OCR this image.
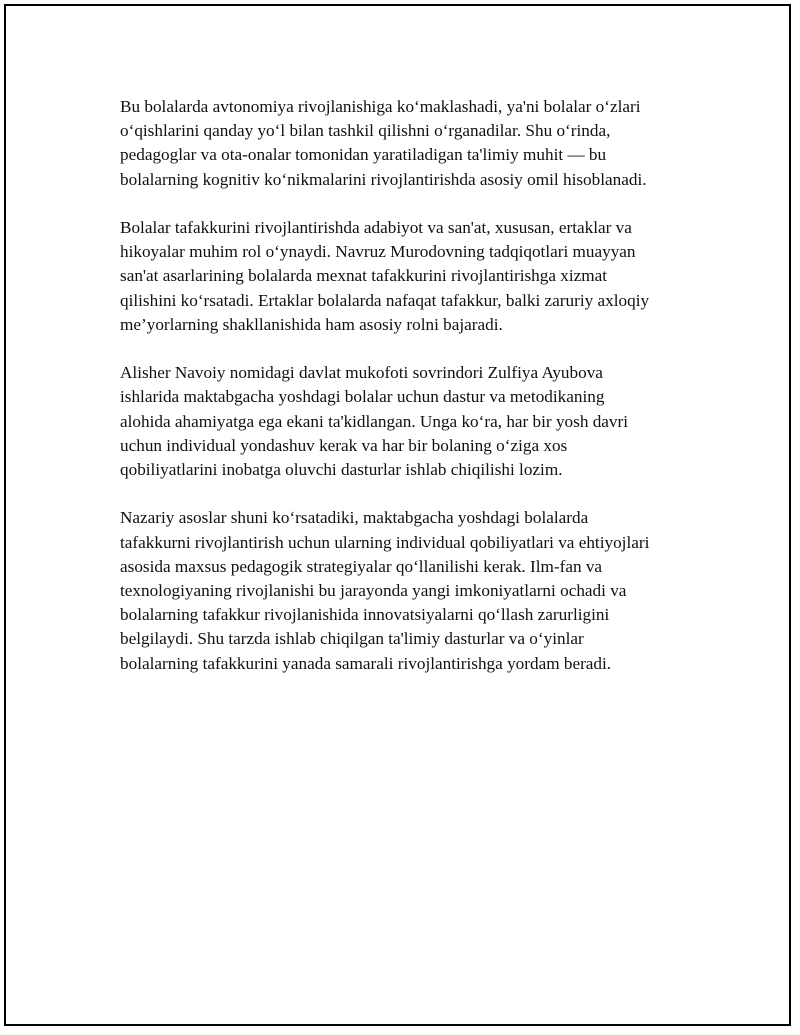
Bu bolalarda avtonomiya rivojlanishiga koʻmaklashadi, ya'ni bolalar oʻzlari
oʻqishlarini qanday yoʻl bilan tashkil qilishni oʻrganadilar. Shu oʻrinda,
pedagoglar va ota-onalar tomonidan yaratiladigan ta'limiy muhit — bu
bolalarning kognitiv koʻnikmalarini rivojlantirishda asosiy omil hisoblanadi.

Bolalar tafakkurini rivojlantirishda adabiyot va san'at, xususan, ertaklar va
hikoyalar muhim rol oʻynaydi. Navruz Murodovning tadqiqotlari muayyan
san'at asarlarining bolalarda mexnat tafakkurini rivojlantirishga xizmat
qilishini koʻrsatadi. Ertaklar bolalarda nafaqat tafakkur, balki zaruriy axloqiy
me’yorlarning shakllanishida ham asosiy rolni bajaradi.

Alisher Navoiy nomidagi davlat mukofoti sovrindori Zulfiya Ayubova
ishlarida maktabgacha yoshdagi bolalar uchun dastur va metodikaning
alohida ahamiyatga ega ekani ta'kidlangan. Unga koʻra, har bir yosh davri
uchun individual yondashuv kerak va har bir bolaning oʻziga xos
qobiliyatlarini inobatga oluvchi dasturlar ishlab chiqilishi lozim.

Nazariy asoslar shuni koʻrsatadiki, maktabgacha yoshdagi bolalarda
tafakkurni rivojlantirish uchun ularning individual qobiliyatlari va ehtiyojlari
asosida maxsus pedagogik strategiyalar qoʻllanilishi kerak. Ilm-fan va
texnologiyaning rivojlanishi bu jarayonda yangi imkoniyatlarni ochadi va
bolalarning tafakkur rivojlanishida innovatsiyalarni qoʻllash zarurligini
belgilaydi. Shu tarzda ishlab chiqilgan ta'limiy dasturlar va oʻyinlar
bolalarning tafakkurini yanada samarali rivojlantirishga yordam beradi.
